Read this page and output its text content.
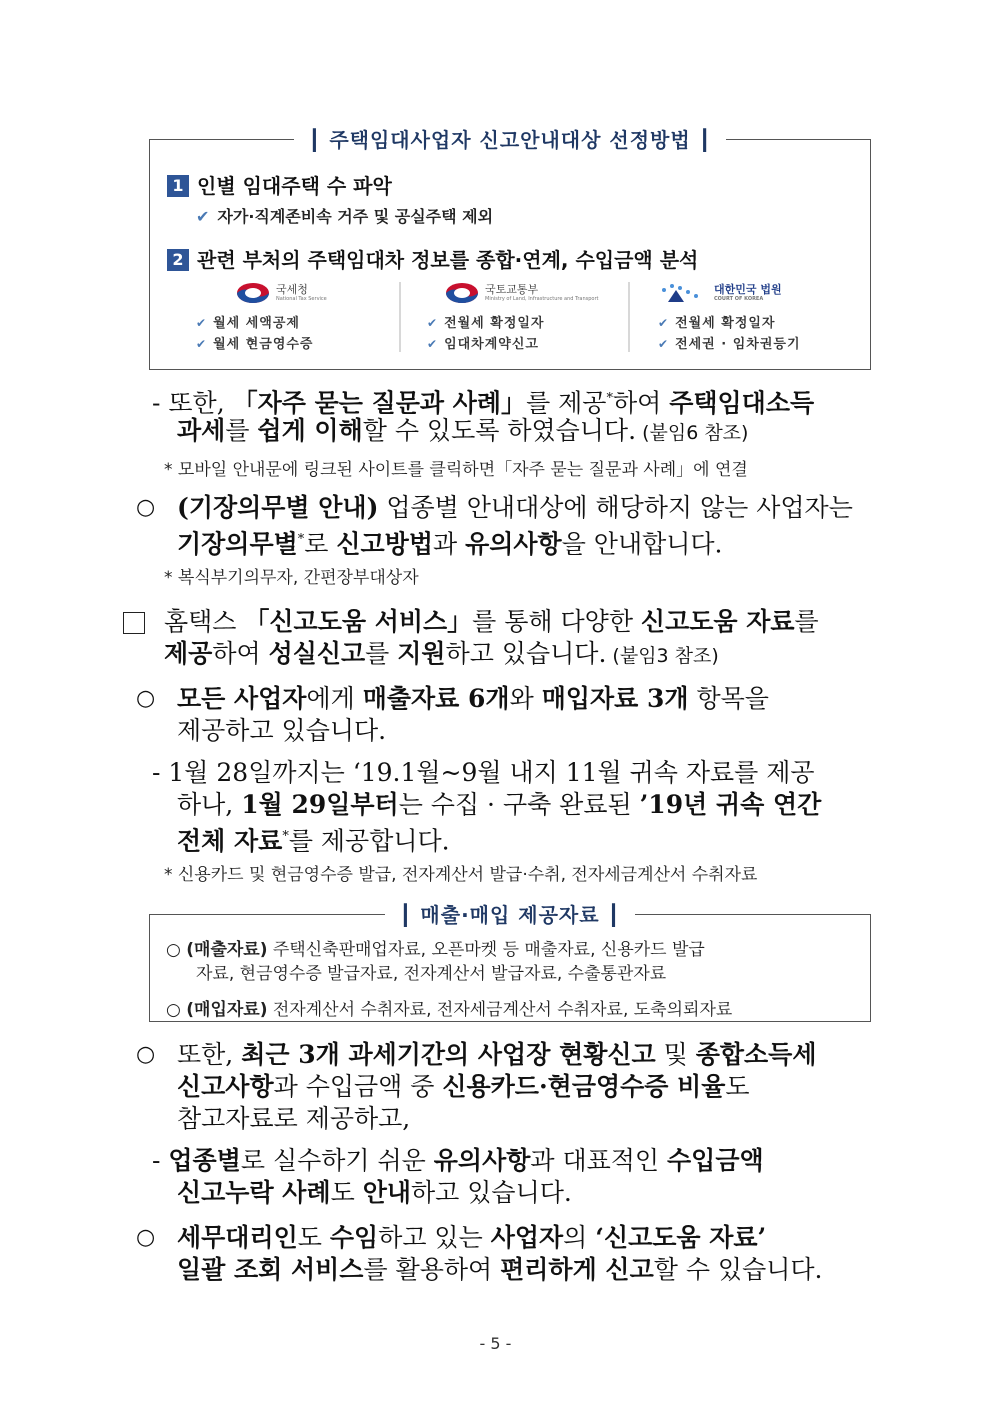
┃ 주택임대사업자 신고안내대상 선정방법 ┃
1 인별 임대주택 수 파악
✔ 자가·직계존비속 거주 및 공실주택 제외
2 관련 부처의 주택임대차 정보를 종합·연계, 수입금액 분석
국세청
National Tax Service
✔ 월세 세액공제
✔ 월세 현금영수증
국토교통부
Ministry of Land, Infrastructure and Transport
✔ 전월세 확정일자
✔ 임대차계약신고
대한민국 법원
COURT OF KOREA
✔ 전월세 확정일자
✔ 전세권 · 임차권등기
- 또한, 「자주 묻는 질문과 사례」를 제공*하여 주택임대소득
과세를 쉽게 이해할 수 있도록 하였습니다. (붙임6 참조)
* 모바일 안내문에 링크된 사이트를 클릭하면「자주 묻는 질문과 사례」에 연결
○ (기장의무별 안내) 업종별 안내대상에 해당하지 않는 사업자는
기장의무별*로 신고방법과 유의사항을 안내합니다.
* 복식부기의무자, 간편장부대상자
홈택스 「신고도움 서비스」를 통해 다양한 신고도움 자료를
제공하여 성실신고를 지원하고 있습니다. (붙임3 참조)
○ 모든 사업자에게 매출자료 6개와 매입자료 3개 항목을
제공하고 있습니다.
- 1월 28일까지는 ‘19.1월~9월 내지 11월 귀속 자료를 제공
하나, 1월 29일부터는 수집 · 구축 완료된 ’19년 귀속 연간
전체 자료*를 제공합니다.
* 신용카드 및 현금영수증 발급, 전자계산서 발급·수취, 전자세금계산서 수취자료
┃ 매출·매입 제공자료 ┃
○ (매출자료) 주택신축판매업자료, 오픈마켓 등 매출자료, 신용카드 발급
자료, 현금영수증 발급자료, 전자계산서 발급자료, 수출통관자료
○ (매입자료) 전자계산서 수취자료, 전자세금계산서 수취자료, 도축의뢰자료
○ 또한, 최근 3개 과세기간의 사업장 현황신고 및 종합소득세
신고사항과 수입금액 중 신용카드·현금영수증 비율도
참고자료로 제공하고,
- 업종별로 실수하기 쉬운 유의사항과 대표적인 수입금액
신고누락 사례도 안내하고 있습니다.
○ 세무대리인도 수임하고 있는 사업자의 ‘신고도움 자료’
일괄 조회 서비스를 활용하여 편리하게 신고할 수 있습니다.
- 5 -
